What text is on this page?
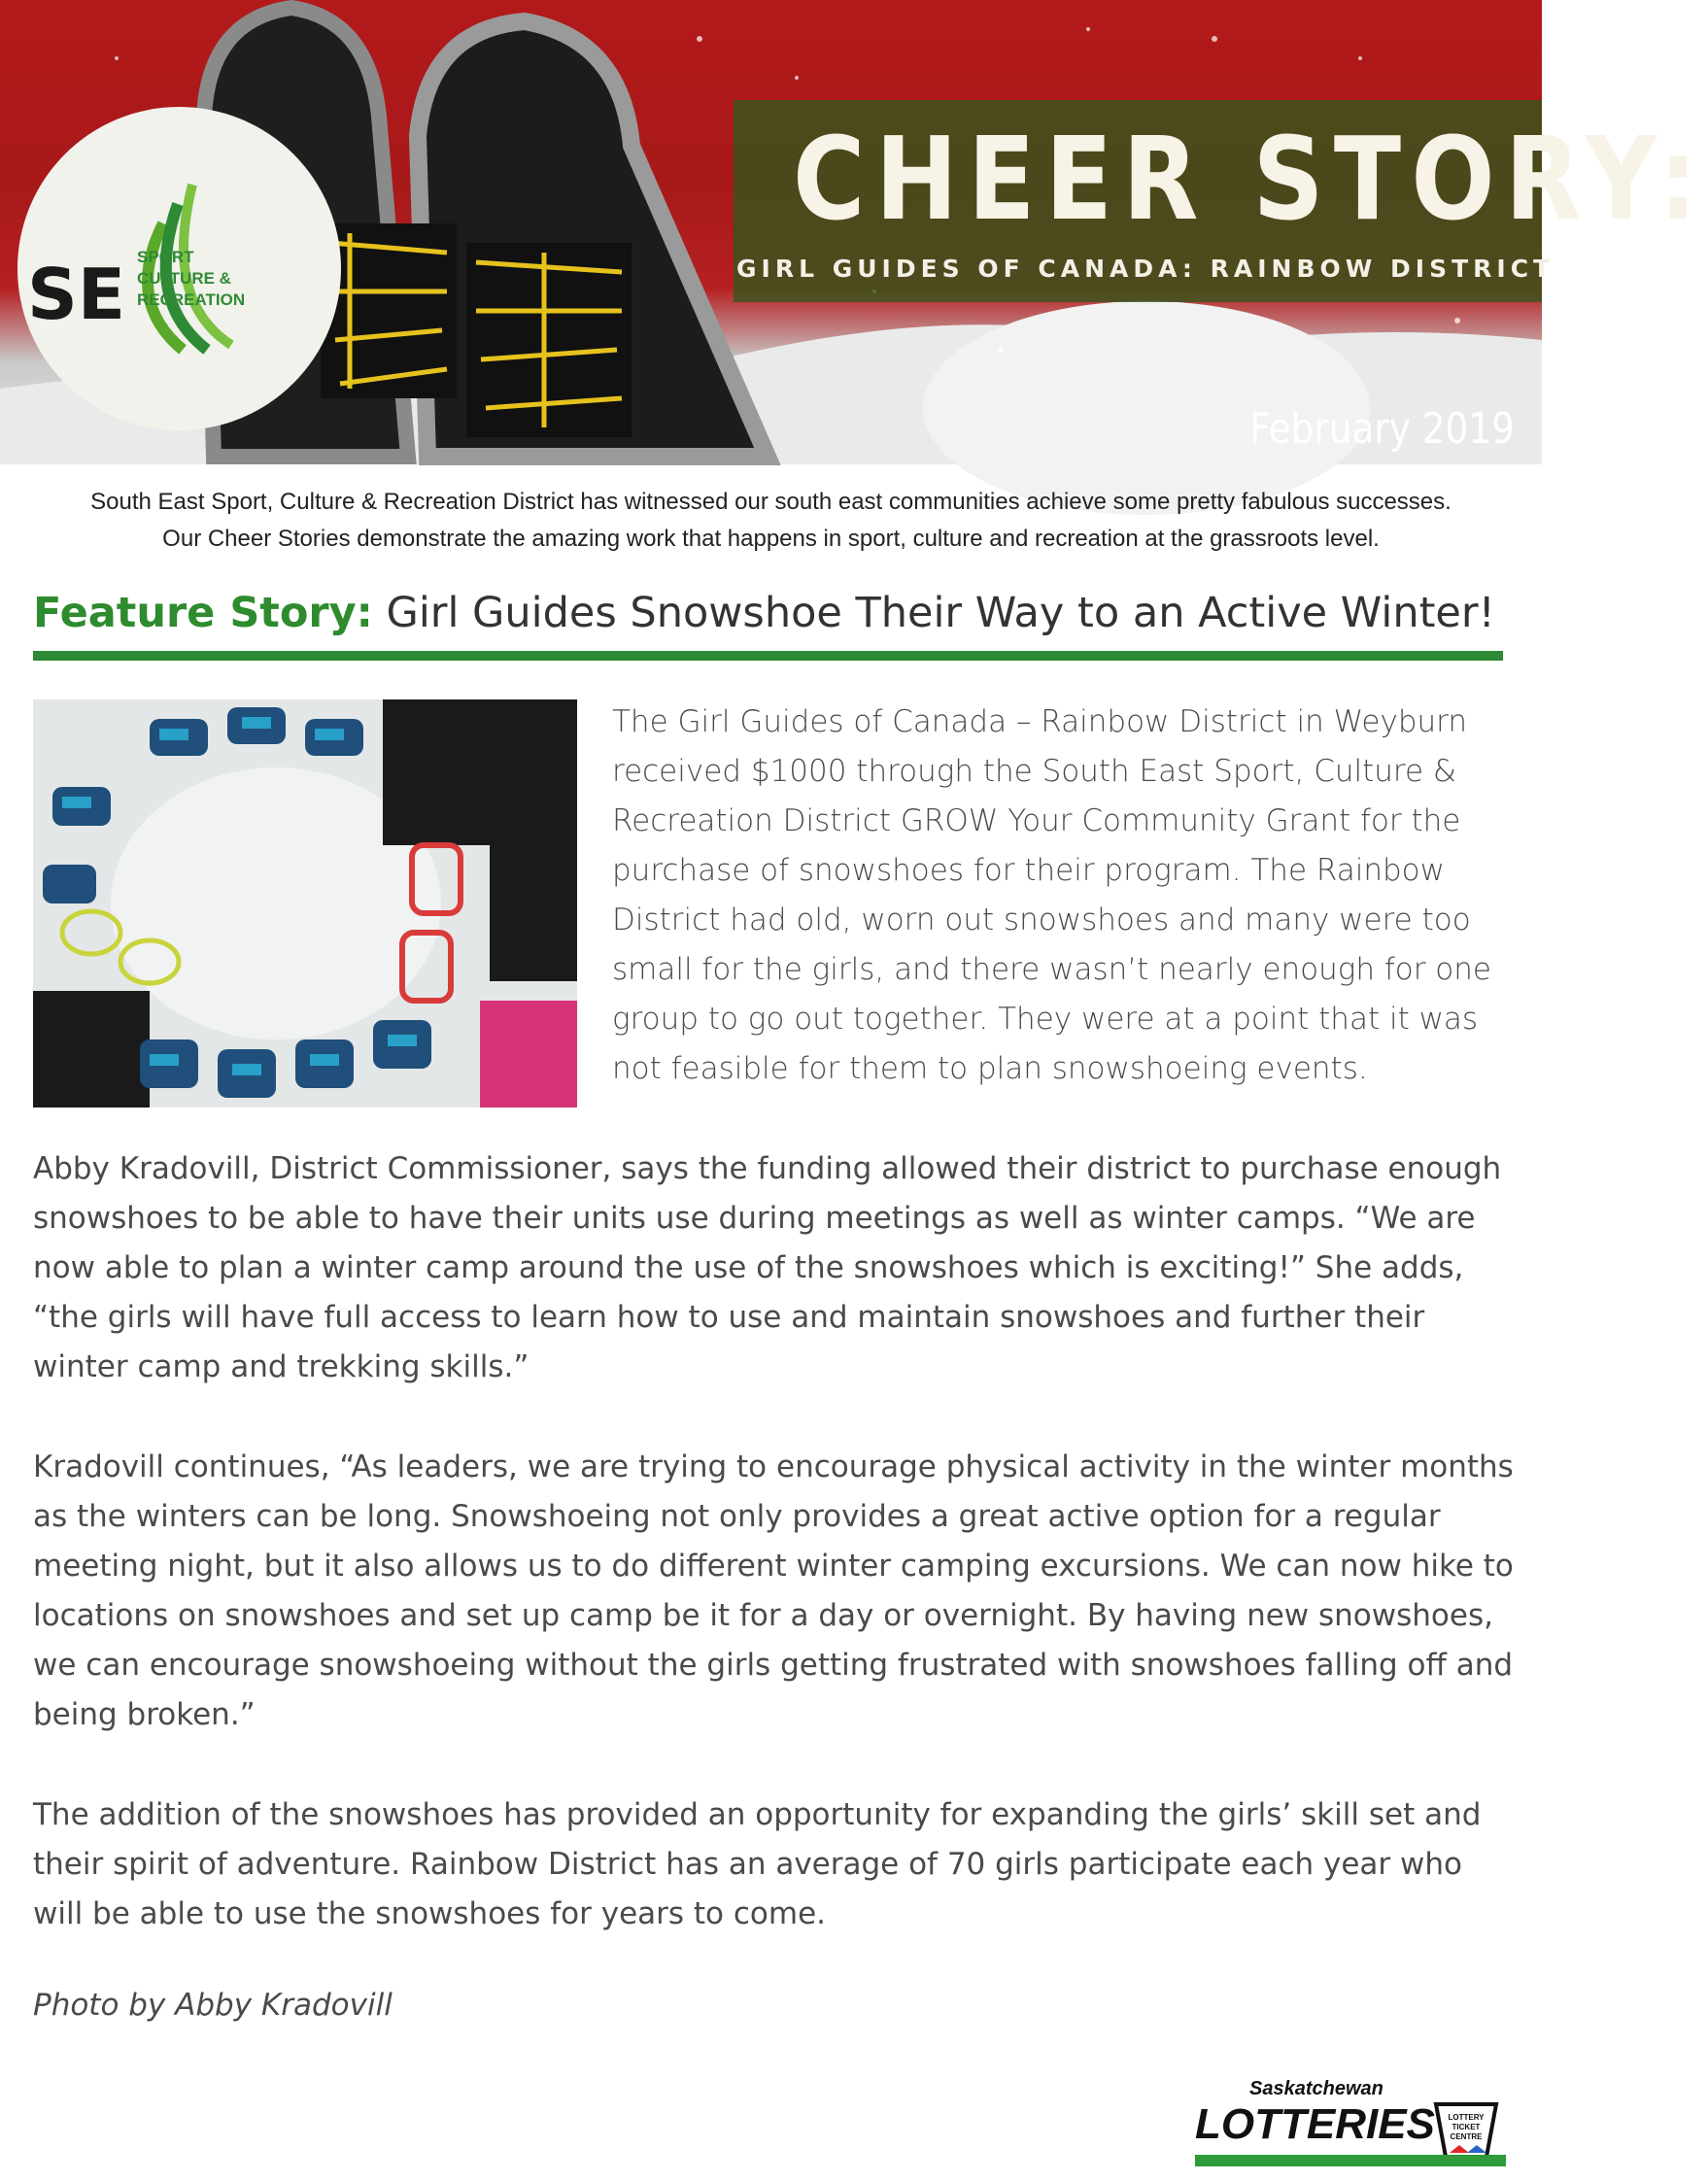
SE SPORT
CULTURE &
RECREATION
CHEER STORY:
GIRL GUIDES OF CANADA: RAINBOW DISTRICT
February 2019
South East Sport, Culture & Recreation District has witnessed our south east communities achieve some pretty fabulous successes.
Our Cheer Stories demonstrate the amazing work that happens in sport, culture and recreation at the grassroots level.
Feature Story: Girl Guides Snowshoe Their Way to an Active Winter!
The Girl Guides of Canada – Rainbow District in Weyburn received $1000 through the South East Sport, Culture & Recreation District GROW Your Community Grant for the purchase of snowshoes for their program. The Rainbow District had old, worn out snowshoes and many were too small for the girls, and there wasn’t nearly enough for one group to go out together. They were at a point that it was not feasible for them to plan snowshoeing events.
Abby Kradovill, District Commissioner, says the funding allowed their district to purchase enough snowshoes to be able to have their units use during meetings as well as winter camps. “We are now able to plan a winter camp around the use of the snowshoes which is exciting!” She adds, “the girls will have full access to learn how to use and maintain snowshoes and further their winter camp and trekking skills.”
Kradovill continues, “As leaders, we are trying to encourage physical activity in the winter months as the winters can be long. Snowshoeing not only provides a great active option for a regular meeting night, but it also allows us to do different winter camping excursions. We can now hike to locations on snowshoes and set up camp be it for a day or overnight. By having new snowshoes, we can encourage snowshoeing without the girls getting frustrated with snowshoes falling off and being broken.”
The addition of the snowshoes has provided an opportunity for expanding the girls’ skill set and their spirit of adventure. Rainbow District has an average of 70 girls participate each year who will be able to use the snowshoes for years to come.
Photo by Abby Kradovill
Saskatchewan
LOTTERIES LOTTERY
TICKET
CENTRE
